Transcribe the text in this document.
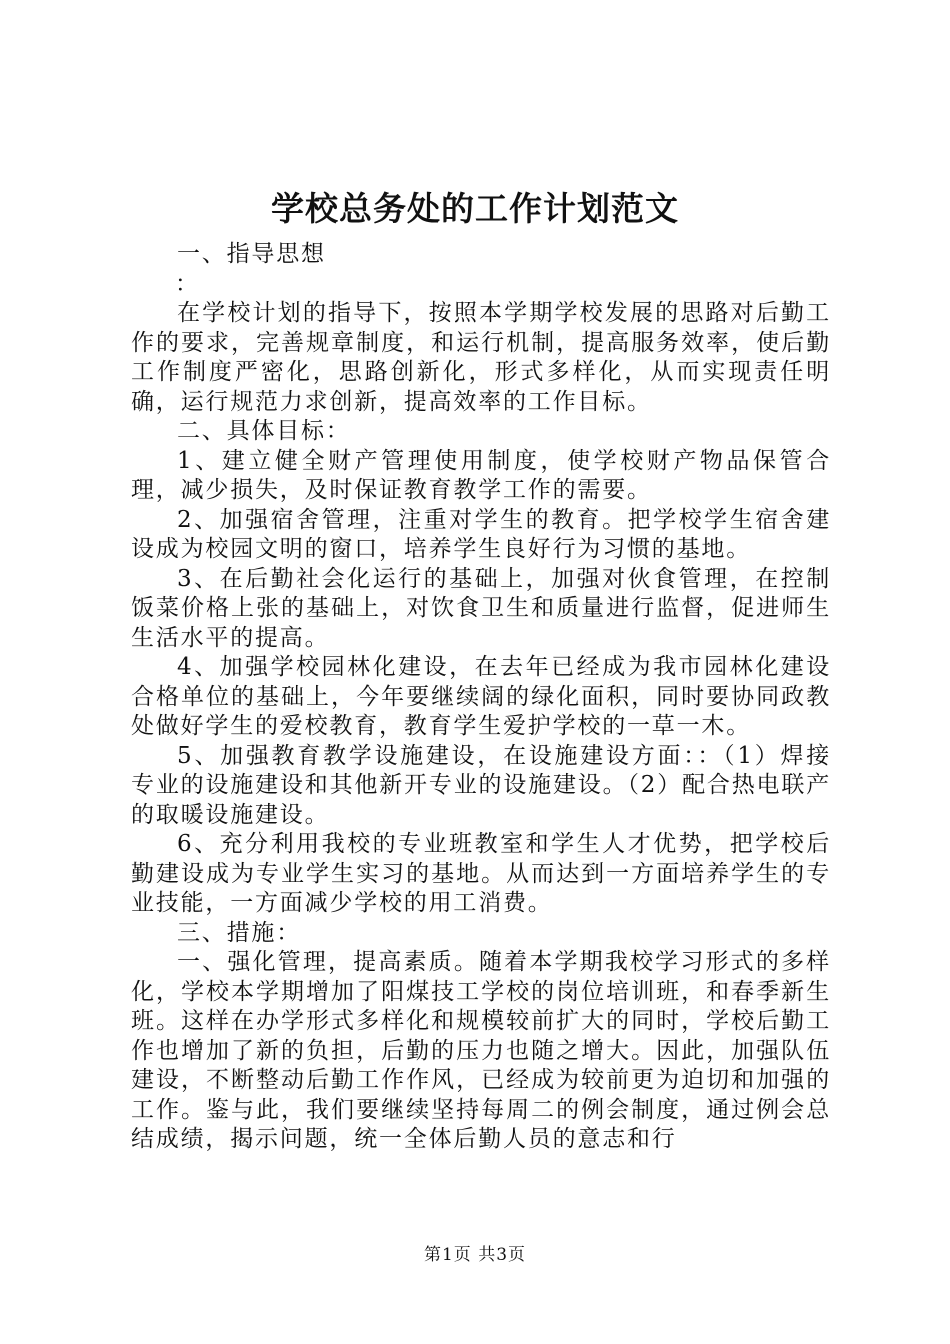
学校总务处的工作计划范文

一、指导思想

：

在学校计划的指导下，按照本学期学校发展的思路对后勤工作的要求，完善规章制度，和运行机制，提高服务效率，使后勤工作制度严密化，思路创新化，形式多样化，从而实现责任明确，运行规范力求创新，提高效率的工作目标。

二、具体目标：

1、建立健全财产管理使用制度，使学校财产物品保管合理，减少损失，及时保证教育教学工作的需要。

2、加强宿舍管理，注重对学生的教育。把学校学生宿舍建设成为校园文明的窗口，培养学生良好行为习惯的基地。

3、在后勤社会化运行的基础上，加强对伙食管理，在控制饭菜价格上张的基础上，对饮食卫生和质量进行监督，促进师生生活水平的提高。

4、加强学校园林化建设，在去年已经成为我市园林化建设合格单位的基础上，今年要继续阔的绿化面积，同时要协同政教处做好学生的爱校教育，教育学生爱护学校的一草一木。

5、加强教育教学设施建设，在设施建设方面：：（1）焊接专业的设施建设和其他新开专业的设施建设。（2）配合热电联产的取暖设施建设。

6、充分利用我校的专业班教室和学生人才优势，把学校后勤建设成为专业学生实习的基地。从而达到一方面培养学生的专业技能，一方面减少学校的用工消费。

三、措施：

一、强化管理，提高素质。随着本学期我校学习形式的多样化，学校本学期增加了阳煤技工学校的岗位培训班，和春季新生班。这样在办学形式多样化和规模较前扩大的同时，学校后勤工作也增加了新的负担，后勤的压力也随之增大。因此，加强队伍建设，不断整动后勤工作作风，已经成为较前更为迫切和加强的工作。鉴与此，我们要继续坚持每周二的例会制度，通过例会总结成绩，揭示问题，统一全体后勤人员的意志和行

第1页 共3页
